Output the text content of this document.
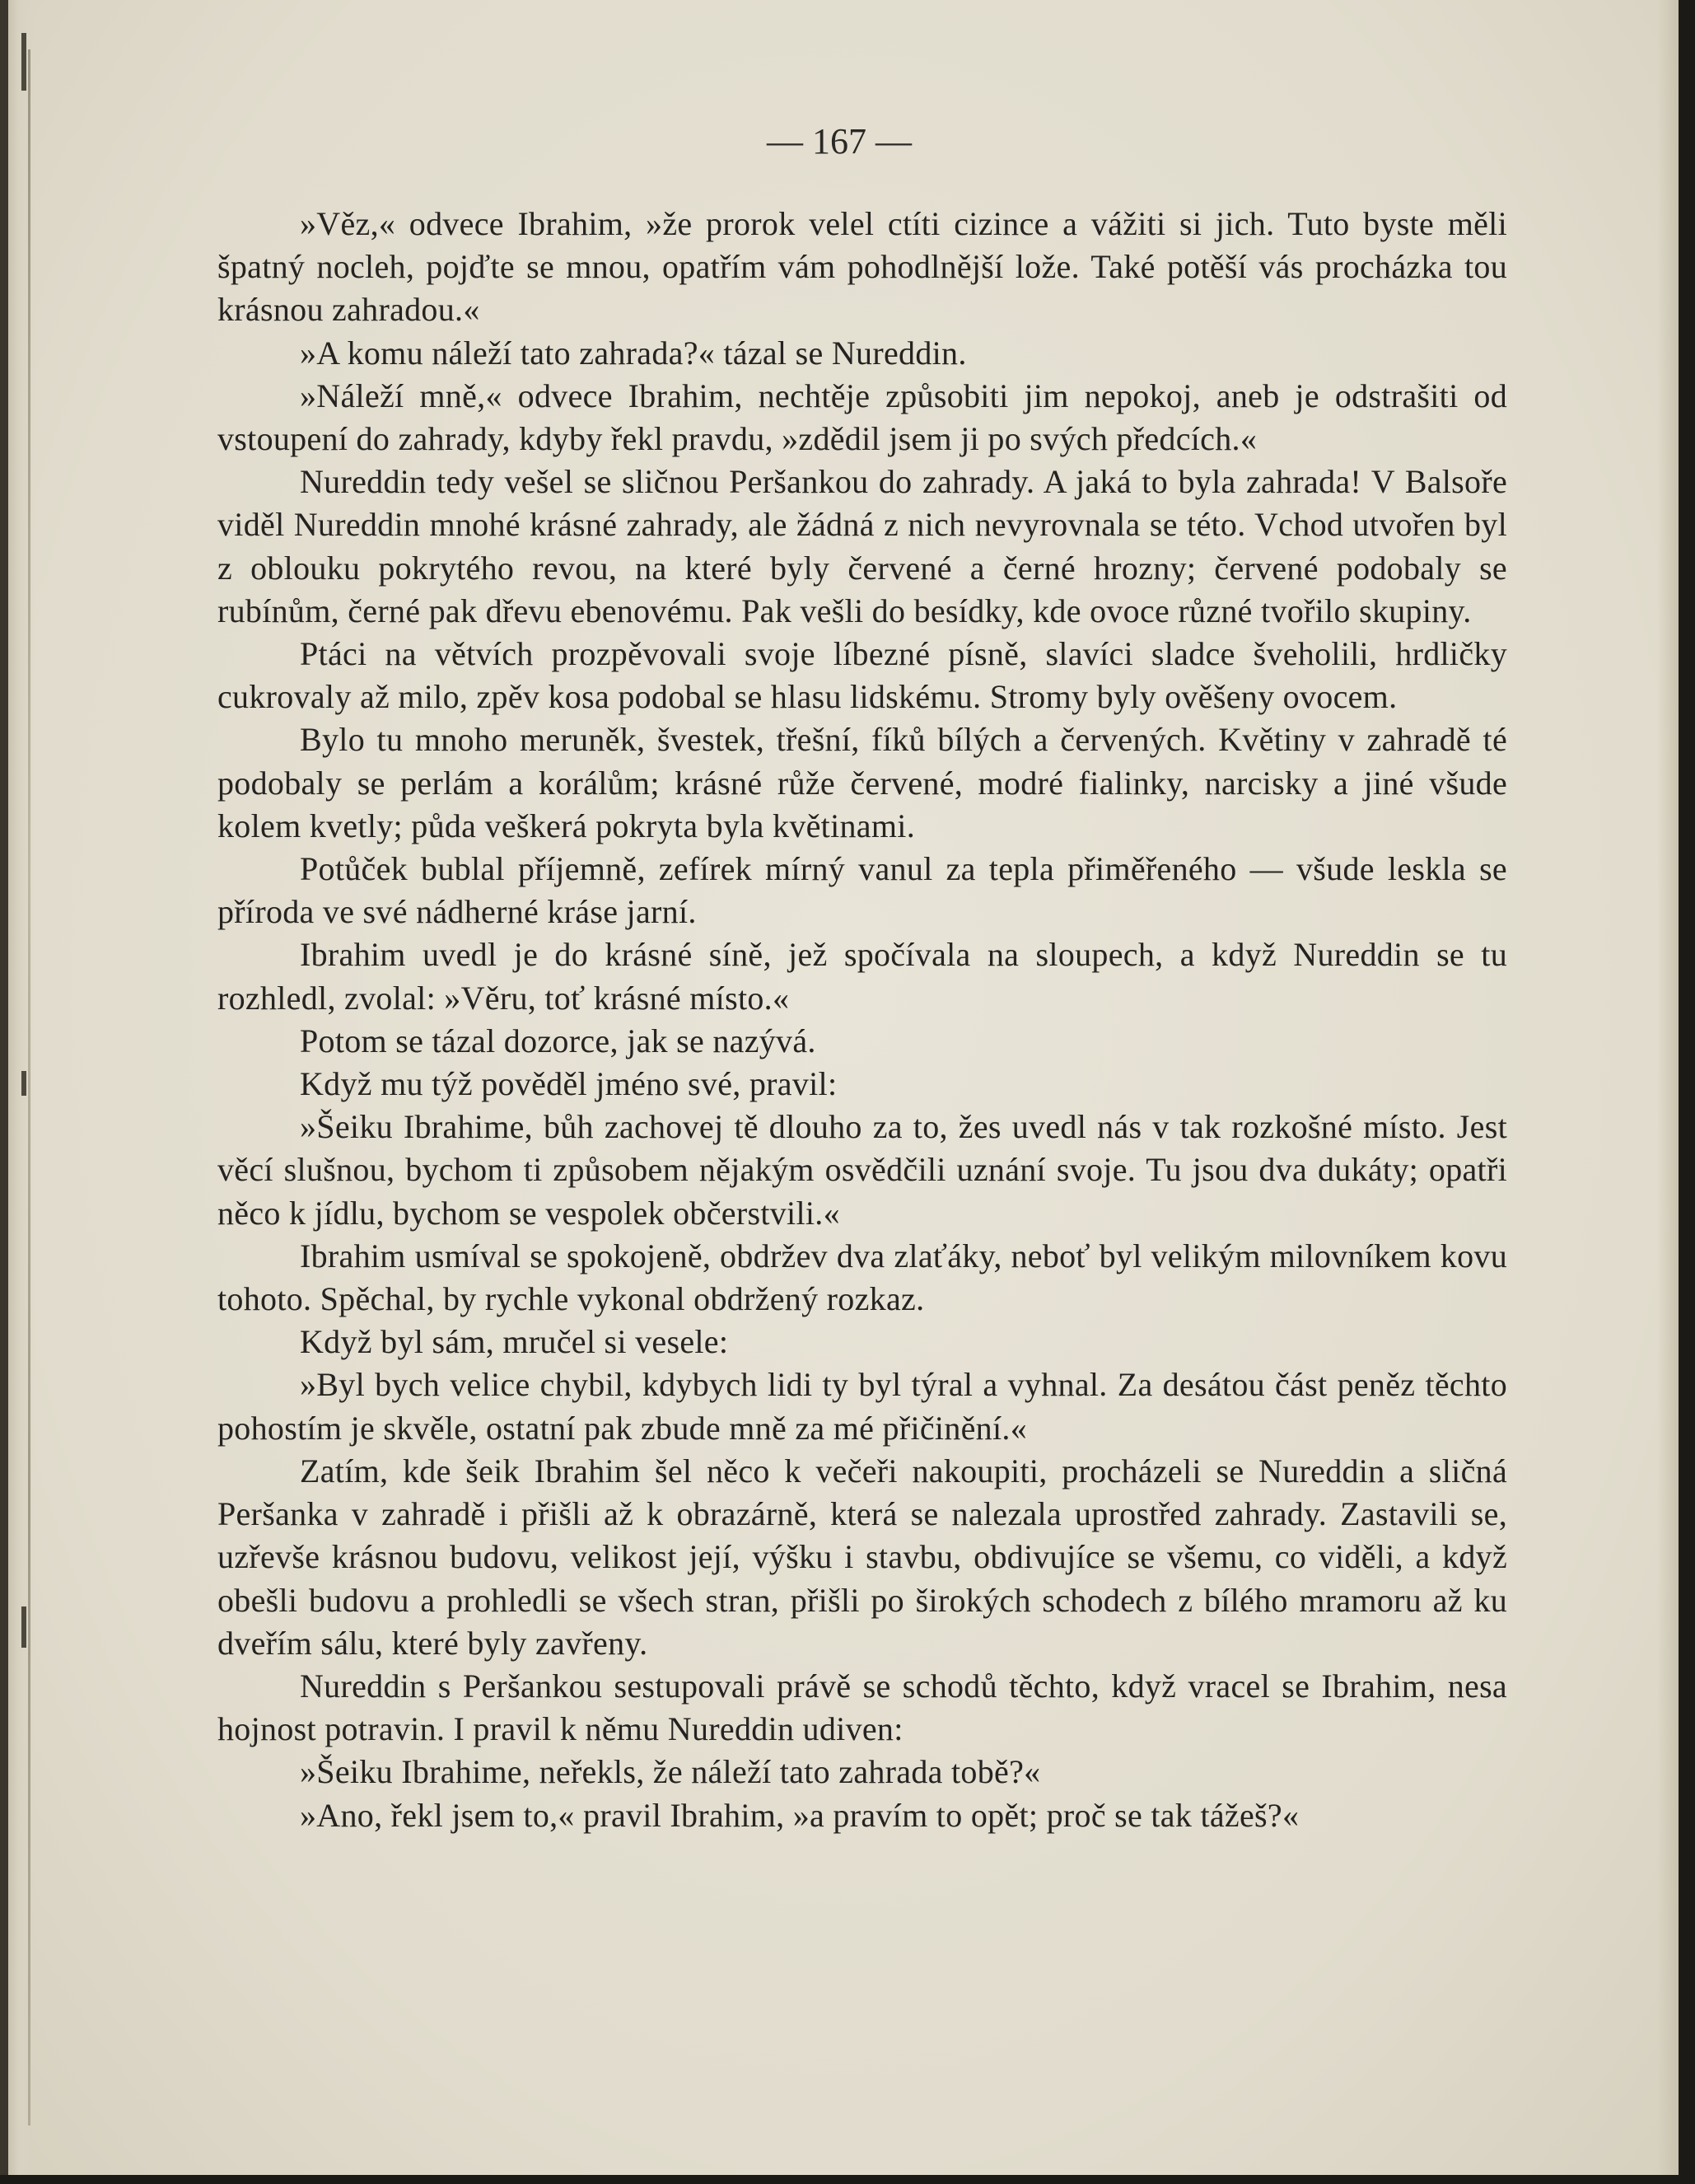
— 167 —

»Věz,« odvece Ibrahim, »že prorok velel ctíti cizince a vážiti si jich. Tuto byste měli špatný nocleh, pojďte se mnou, opatřím vám pohodlnější lože. Také potěší vás procházka tou krásnou zahradou.«

»A komu náleží tato zahrada?« tázal se Nureddin.

»Náleží mně,« odvece Ibrahim, nechtěje způsobiti jim nepokoj, aneb je odstrašiti od vstoupení do zahrady, kdyby řekl pravdu, »zdědil jsem ji po svých předcích.«

Nureddin tedy vešel se sličnou Peršankou do zahrady. A jaká to byla zahrada! V Balsoře viděl Nureddin mnohé krásné zahrady, ale žádná z nich nevyrovnala se této. Vchod utvořen byl z oblouku pokrytého revou, na které byly červené a černé hrozny; červené podobaly se rubínům, černé pak dřevu ebenovému. Pak vešli do besídky, kde ovoce různé tvořilo skupiny.

Ptáci na větvích prozpěvovali svoje líbezné písně, slavíci sladce šveholili, hrdličky cukrovaly až milo, zpěv kosa podobal se hlasu lidskému. Stromy byly ověšeny ovocem.

Bylo tu mnoho meruněk, švestek, třešní, fíků bílých a červených. Květiny v zahradě té podobaly se perlám a korálům; krásné růže červené, modré fialinky, narcisky a jiné všude kolem kvetly; půda veškerá pokryta byla květinami.

Potůček bublal příjemně, zefírek mírný vanul za tepla přiměřeného — všude leskla se příroda ve své nádherné kráse jarní.

Ibrahim uvedl je do krásné síně, jež spočívala na sloupech, a když Nureddin se tu rozhledl, zvolal: »Věru, toť krásné místo.«

Potom se tázal dozorce, jak se nazývá.

Když mu týž pověděl jméno své, pravil:

»Šeiku Ibrahime, bůh zachovej tě dlouho za to, žes uvedl nás v tak rozkošné místo. Jest věcí slušnou, bychom ti způsobem nějakým osvědčili uznání svoje. Tu jsou dva dukáty; opatři něco k jídlu, bychom se vespolek občerstvili.«

Ibrahim usmíval se spokojeně, obdržev dva zlaťáky, neboť byl velikým milovníkem kovu tohoto. Spěchal, by rychle vykonal obdržený rozkaz.

Když byl sám, mručel si vesele:

»Byl bych velice chybil, kdybych lidi ty byl týral a vyhnal. Za desátou část peněz těchto pohostím je skvěle, ostatní pak zbude mně za mé přičinění.«

Zatím, kde šeik Ibrahim šel něco k večeři nakoupiti, procházeli se Nureddin a sličná Peršanka v zahradě i přišli až k obrazárně, která se nalezala uprostřed zahrady. Zastavili se, uzřevše krásnou budovu, velikost její, výšku i stavbu, obdivujíce se všemu, co viděli, a když obešli budovu a prohledli se všech stran, přišli po širokých schodech z bílého mramoru až ku dveřím sálu, které byly zavřeny.

Nureddin s Peršankou sestupovali právě se schodů těchto, když vracel se Ibrahim, nesa hojnost potravin. I pravil k němu Nureddin udiven:

»Šeiku Ibrahime, neřekls, že náleží tato zahrada tobě?«

»Ano, řekl jsem to,« pravil Ibrahim, »a pravím to opět; proč se tak tážeš?«
